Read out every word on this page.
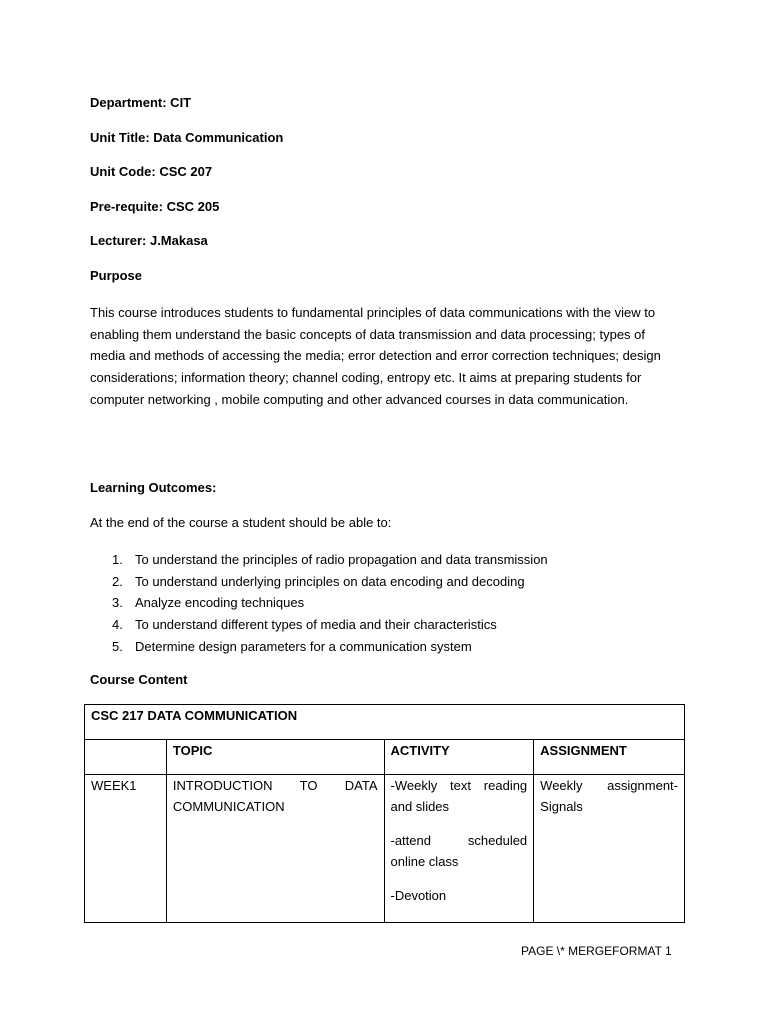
Department: CIT
Unit Title: Data Communication
Unit Code: CSC 207
Pre-requite: CSC 205
Lecturer: J.Makasa
Purpose

This course introduces students to fundamental principles of data communications with the view to enabling them understand the basic concepts of data transmission and data processing; types of media and methods of accessing the media; error detection and error correction techniques; design considerations; information theory; channel coding, entropy etc. It aims at preparing students for computer networking , mobile computing and other advanced courses in data communication.

Learning Outcomes:
At the end of the course a student should be able to:
1. To understand the principles of radio propagation and data transmission
2. To understand underlying principles on data encoding and decoding
3. Analyze encoding techniques
4. To understand different types of media and their characteristics
5. Determine design parameters for a communication system
Course Content
CSC 217 DATA COMMUNICATION			
	TOPIC	ACTIVITY	ASSIGNMENT
WEEK1	INTRODUCTION TO DATA COMMUNICATION	-Weekly text reading and slides

-attend scheduled online class

-Devotion	Weekly assignment- Signals
PAGE \* MERGEFORMAT 1
